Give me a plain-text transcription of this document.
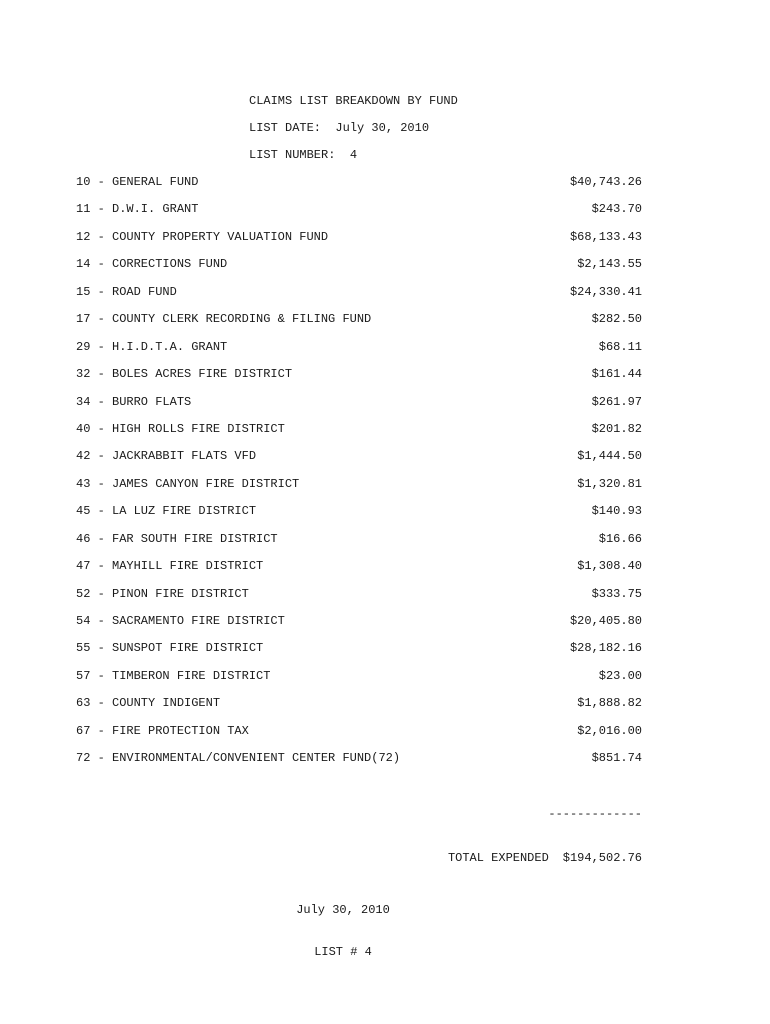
CLAIMS LIST BREAKDOWN BY FUND
LIST DATE:  July 30, 2010
LIST NUMBER:  4
10 - GENERAL FUND	$40,743.26
11 - D.W.I. GRANT	$243.70
12 - COUNTY PROPERTY VALUATION FUND	$68,133.43
14 - CORRECTIONS FUND	$2,143.55
15 - ROAD FUND	$24,330.41
17 - COUNTY CLERK RECORDING & FILING FUND	$282.50
29 - H.I.D.T.A. GRANT	$68.11
32 - BOLES ACRES FIRE DISTRICT	$161.44
34 - BURRO FLATS	$261.97
40 - HIGH ROLLS FIRE DISTRICT	$201.82
42 - JACKRABBIT FLATS VFD	$1,444.50
43 - JAMES CANYON FIRE DISTRICT	$1,320.81
45 - LA LUZ FIRE DISTRICT	$140.93
46 - FAR SOUTH FIRE DISTRICT	$16.66
47 - MAYHILL FIRE DISTRICT	$1,308.40
52 - PINON FIRE DISTRICT	$333.75
54 - SACRAMENTO FIRE DISTRICT	$20,405.80
55 - SUNSPOT FIRE DISTRICT	$28,182.16
57 - TIMBERON FIRE DISTRICT	$23.00
63 - COUNTY INDIGENT	$1,888.82
67 - FIRE PROTECTION TAX	$2,016.00
72 - ENVIRONMENTAL/CONVENIENT CENTER FUND(72)	$851.74

-------------

TOTAL EXPENDED $194,502.76

July 30, 2010

LIST # 4
